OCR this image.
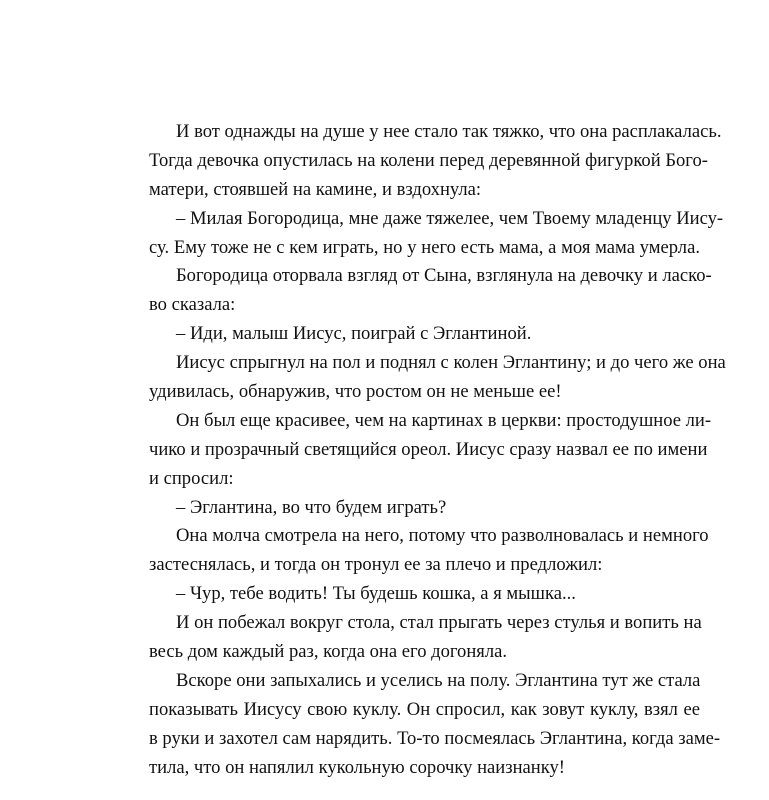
И вот однажды на душе у нее стало так тяжко, что она расплакалась.
Тогда девочка опустилась на колени перед деревянной фигуркой Бого-
матери, стоявшей на камине, и вздохнула:
– Милая Богородица, мне даже тяжелее, чем Твоему младенцу Иису-
су. Ему тоже не с кем играть, но у него есть мама, а моя мама умерла.
Богородица оторвала взгляд от Сына, взглянула на девочку и ласко-
во сказала:
– Иди, малыш Иисус, поиграй с Эглантиной.
Иисус спрыгнул на пол и поднял с колен Эглантину; и до чего же она
удивилась, обнаружив, что ростом он не меньше ее!
Он был еще красивее, чем на картинах в церкви: простодушное ли-
чико и прозрачный светящийся ореол. Иисус сразу назвал ее по имени
и спросил:
– Эглантина, во что будем играть?
Она молча смотрела на него, потому что разволновалась и немного
застеснялась, и тогда он тронул ее за плечо и предложил:
– Чур, тебе водить! Ты будешь кошка, а я мышка...
И он побежал вокруг стола, стал прыгать через стулья и вопить на
весь дом каждый раз, когда она его догоняла.
Вскоре они запыхались и уселись на полу. Эглантина тут же стала
показывать Иисусу свою куклу. Он спросил, как зовут куклу, взял ее
в руки и захотел сам нарядить. То-то посмеялась Эглантина, когда заме-
тила, что он напялил кукольную сорочку наизнанку!
